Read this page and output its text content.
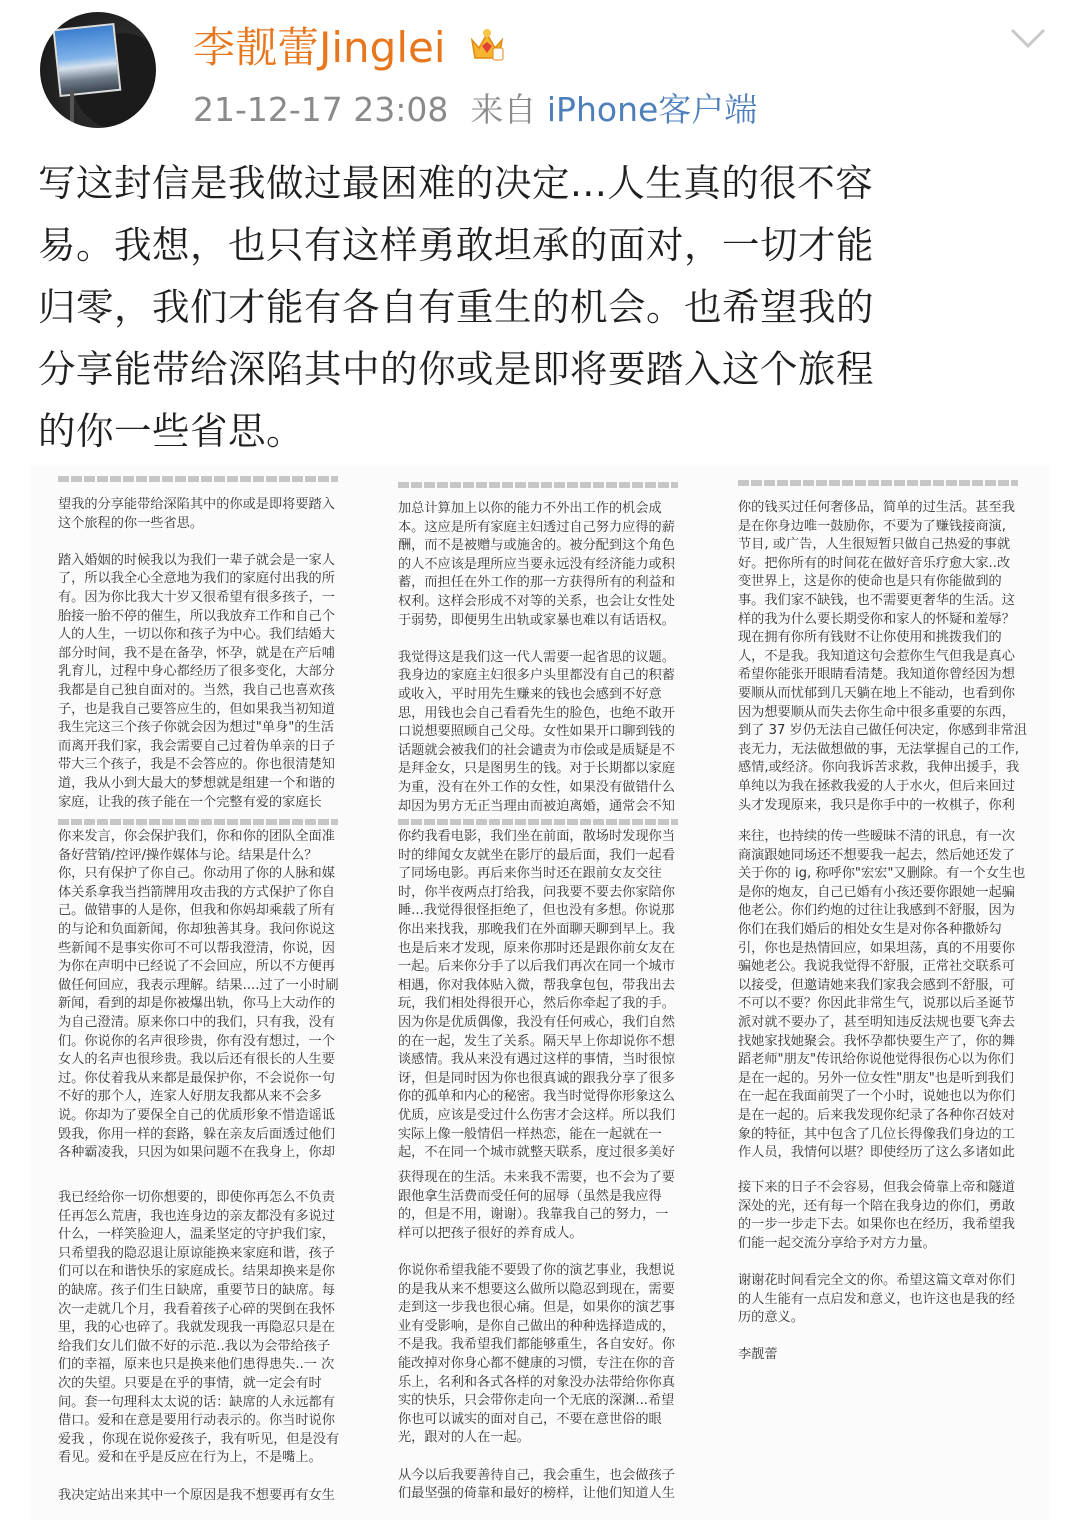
李靓蕾Jinglei
21-12-17 23:08 来自 iPhone客户端
写这封信是我做过最困难的决定...人生真的很不容
易。我想，也只有这样勇敢坦承的面对，一切才能
归零，我们才能有各自有重生的机会。也希望我的
分享能带给深陷其中的你或是即将要踏入这个旅程
的你一些省思。
望我的分享能带给深陷其中的你或是即将要踏入
这个旅程的你一些省思。
踏入婚姻的时候我以为我们一辈子就会是一家人
了，所以我全心全意地为我们的家庭付出我的所
有。因为你比我大十岁又很希望有很多孩子，一
胎接一胎不停的催生，所以我放弃工作和自己个
人的人生，一切以你和孩子为中心。我们结婚大
部分时间，我不是在备孕，怀孕，就是在产后哺
乳育儿，过程中身心都经历了很多变化，大部分
我都是自己独自面对的。当然，我自己也喜欢孩
子，也是我自己要答应生的，但如果我当初知道
我生完这三个孩子你就会因为想过"单身"的生活
而离开我们家，我会需要自己过着伪单亲的日子
带大三个孩子，我是不会答应的。你也很清楚知
道，我从小到大最大的梦想就是组建一个和谐的
家庭，让我的孩子能在一个完整有爱的家庭长
加总计算加上以你的能力不外出工作的机会成
本。这应是所有家庭主妇透过自己努力应得的薪
酬，而不是被赠与或施舍的。被分配到这个角色
的人不应该是理所应当要永远没有经济能力或积
蓄，而担任在外工作的那一方获得所有的利益和
权利。这样会形成不对等的关系，也会让女性处
于弱势，即便男生出轨或家暴也难以有话语权。
我觉得这是我们这一代人需要一起省思的议题。
我身边的家庭主妇很多户头里都没有自己的积蓄
或收入，平时用先生赚来的钱也会感到不好意
思，用钱也会自己看看先生的脸色，也绝不敢开
口说想要照顾自己父母。女性如果开口聊到钱的
话题就会被我们的社会谴责为市侩或是质疑是不
是拜金女，只是图男生的钱。对于长期都以家庭
为重，没有在外工作的女性，如果没有做错什么
却因为男方无正当理由而被迫离婚，通常会不知
你的钱买过任何奢侈品，简单的过生活。甚至我
是在你身边唯一鼓励你，不要为了赚钱接商演,
节目, 或广告，人生很短暂只做自己热爱的事就
好。把你所有的时间花在做好音乐疗愈大家..改
变世界上，这是你的使命也是只有你能做到的
事。我们家不缺钱，也不需要更奢华的生活。这
样的我为什么要长期受你和家人的怀疑和羞辱？
现在拥有你所有钱财不让你使用和挑拨我们的
人，不是我。我知道这句会惹你生气但我是真心
希望你能张开眼睛看清楚。我知道你曾经因为想
要顺从而忧郁到几天躺在地上不能动，也看到你
因为想要顺从而失去你生命中很多重要的东西，
到了 37 岁仍无法自己做任何决定，你感到非常沮
丧无力，无法做想做的事，无法掌握自己的工作,
感情,或经济。你向我诉苦求救，我伸出援手，我
单纯以为我在拯救我爱的人于水火，但后来回过
头才发现原来，我只是你手中的一枚棋子，你利
你来发言，你会保护我们，你和你的团队全面准
备好营销/控评/操作媒体与论。结果是什么？
你，只有保护了你自己。你动用了你的人脉和媒
体关系拿我当挡箭牌用攻击我的方式保护了你自
己。做错事的人是你，但我和你妈却乘载了所有
的与论和负面新闻，你却独善其身。我问你说这
些新闻不是事实你可不可以帮我澄清，你说，因
为你在声明中已经说了不会回应，所以不方便再
做任何回应，我表示理解。结果....过了一小时刷
新闻，看到的却是你被爆出轨，你马上大动作的
为自己澄清。原来你口中的我们，只有我，没有
们。你说你的名声很珍贵，你有没有想过，一个
女人的名声也很珍贵。我以后还有很长的人生要
过。你仗着我从来都是最保护你，不会说你一句
不好的那个人，连家人好朋友我都从来不会多
说。你却为了要保全自己的优质形象不惜造谣诋
毁我，你用一样的套路，躲在亲友后面透过他们
各种霸凌我，只因为如果问题不在我身上，你却
你约我看电影，我们坐在前面，散场时发现你当
时的绯闻女友就坐在影厅的最后面，我们一起看
了同场电影。再后来你当时还在跟前女友交往
时，你半夜两点打给我，问我要不要去你家陪你
睡...我觉得很怪拒绝了，但也没有多想。你说那
你出来找我，那晚我们在外面聊天聊到早上。我
也是后来才发现，原来你那时还是跟你前女友在
一起。后来你分手了以后我们再次在同一个城市
相遇，你对我体贴入微，帮我拿包包，带我出去
玩，我们相处得很开心，然后你牵起了我的手。
因为你是优质偶像，我没有任何戒心，我们自然
的在一起，发生了关系。隔天早上你却说你不想
谈感情。我从来没有遇过这样的事情，当时很惊
讶，但是同时因为你也很真诚的跟我分享了很多
你的孤单和内心的秘密。我当时觉得你形象这么
优质，应该是受过什么伤害才会这样。所以我们
实际上像一般情侣一样热恋，能在一起就在一
起，不在同一个城市就整天联系，度过很多美好
来往，也持续的传一些暧昧不清的讯息，有一次
商演跟她同场还不想要我一起去，然后她还发了
关于你的 ig, 称呼你"宏宏"又删除。有一个女生也
是你的炮友，自己已婚有小孩还要你跟她一起骗
他老公。你们约炮的过往让我感到不舒服，因为
你们在我们婚后的相处女生是对你各种撒娇勾
引，你也是热情回应，如果坦荡，真的不用要你
骗她老公。我说我觉得不舒服，正常社交联系可
以接受，但邀请她来我们家我会感到不舒服，可
不可以不要？你因此非常生气，说那以后圣诞节
派对就不要办了，甚至明知违反法规也要飞奔去
找她家找她聚会。我怀孕都快要生产了，你的舞
蹈老师"朋友"传讯给你说他觉得很伤心以为你们
是在一起的。另外一位女性"朋友"也是听到我们
在一起在我面前哭了一个小时，说她也以为你们
是在一起的。后来我发现你纪录了各种你召妓对
象的特征，其中包含了几位长得像我们身边的工
作人员，我情何以堪？即使经历了这么多诸如此
我已经给你一切你想要的，即使你再怎么不负责
任再怎么荒唐，我也连身边的亲友都没有多说过
什么，一样笑脸迎人，温柔坚定的守护我们家，
只希望我的隐忍退让原谅能换来家庭和谐，孩子
们可以在和谐快乐的家庭成长。结果却换来是你
的缺席。孩子们生日缺席，重要节日的缺席。每
次一走就几个月，我看着孩子心碎的哭倒在我怀
里，我的心也碎了。我就发现我一再隐忍只是在
给我们女儿们做不好的示范..我以为会带给孩子
们的幸福，原来也只是换来他们患得患失..一 次
次的失望。只要是在乎的事情，就一定会有时
间。套一句理科太太说的话：缺席的人永远都有
借口。爱和在意是要用行动表示的。你当时说你
爱我 ，你现在说你爱孩子，我有听见，但是没有
看见。爱和在乎是反应在行为上，不是嘴上。
我决定站出来其中一个原因是我不想要再有女生
获得现在的生活。未来我不需要，也不会为了要
跟他拿生活费而受任何的屈辱（虽然是我应得
的，但是不用，谢谢）。我靠我自己的努力，一
样可以把孩子很好的养育成人。
你说你希望我能不要毁了你的演艺事业，我想说
的是我从来不想要这么做所以隐忍到现在，需要
走到这一步我也很心痛。但是，如果你的演艺事
业有受影响，是你自己做出的种种选择造成的，
不是我。我希望我们都能够重生，各自安好。你
能改掉对你身心都不健康的习惯，专注在你的音
乐上，名利和各式各样的对象没办法带给你你真
实的快乐，只会带你走向一个无底的深渊...希望
你也可以诚实的面对自己，不要在意世俗的眼
光，跟对的人在一起。
从今以后我要善待自己，我会重生，也会做孩子
们最坚强的倚靠和最好的榜样，让他们知道人生
接下来的日子不会容易，但我会倚靠上帝和隧道
深处的光，还有每一个陪在我身边的你们，勇敢
的一步一步走下去。如果你也在经历，我希望我
们能一起交流分享给予对方力量。
谢谢花时间看完全文的你。希望这篇文章对你们
的人生能有一点启发和意义，也许这也是我的经
历的意义。
李靓蕾
